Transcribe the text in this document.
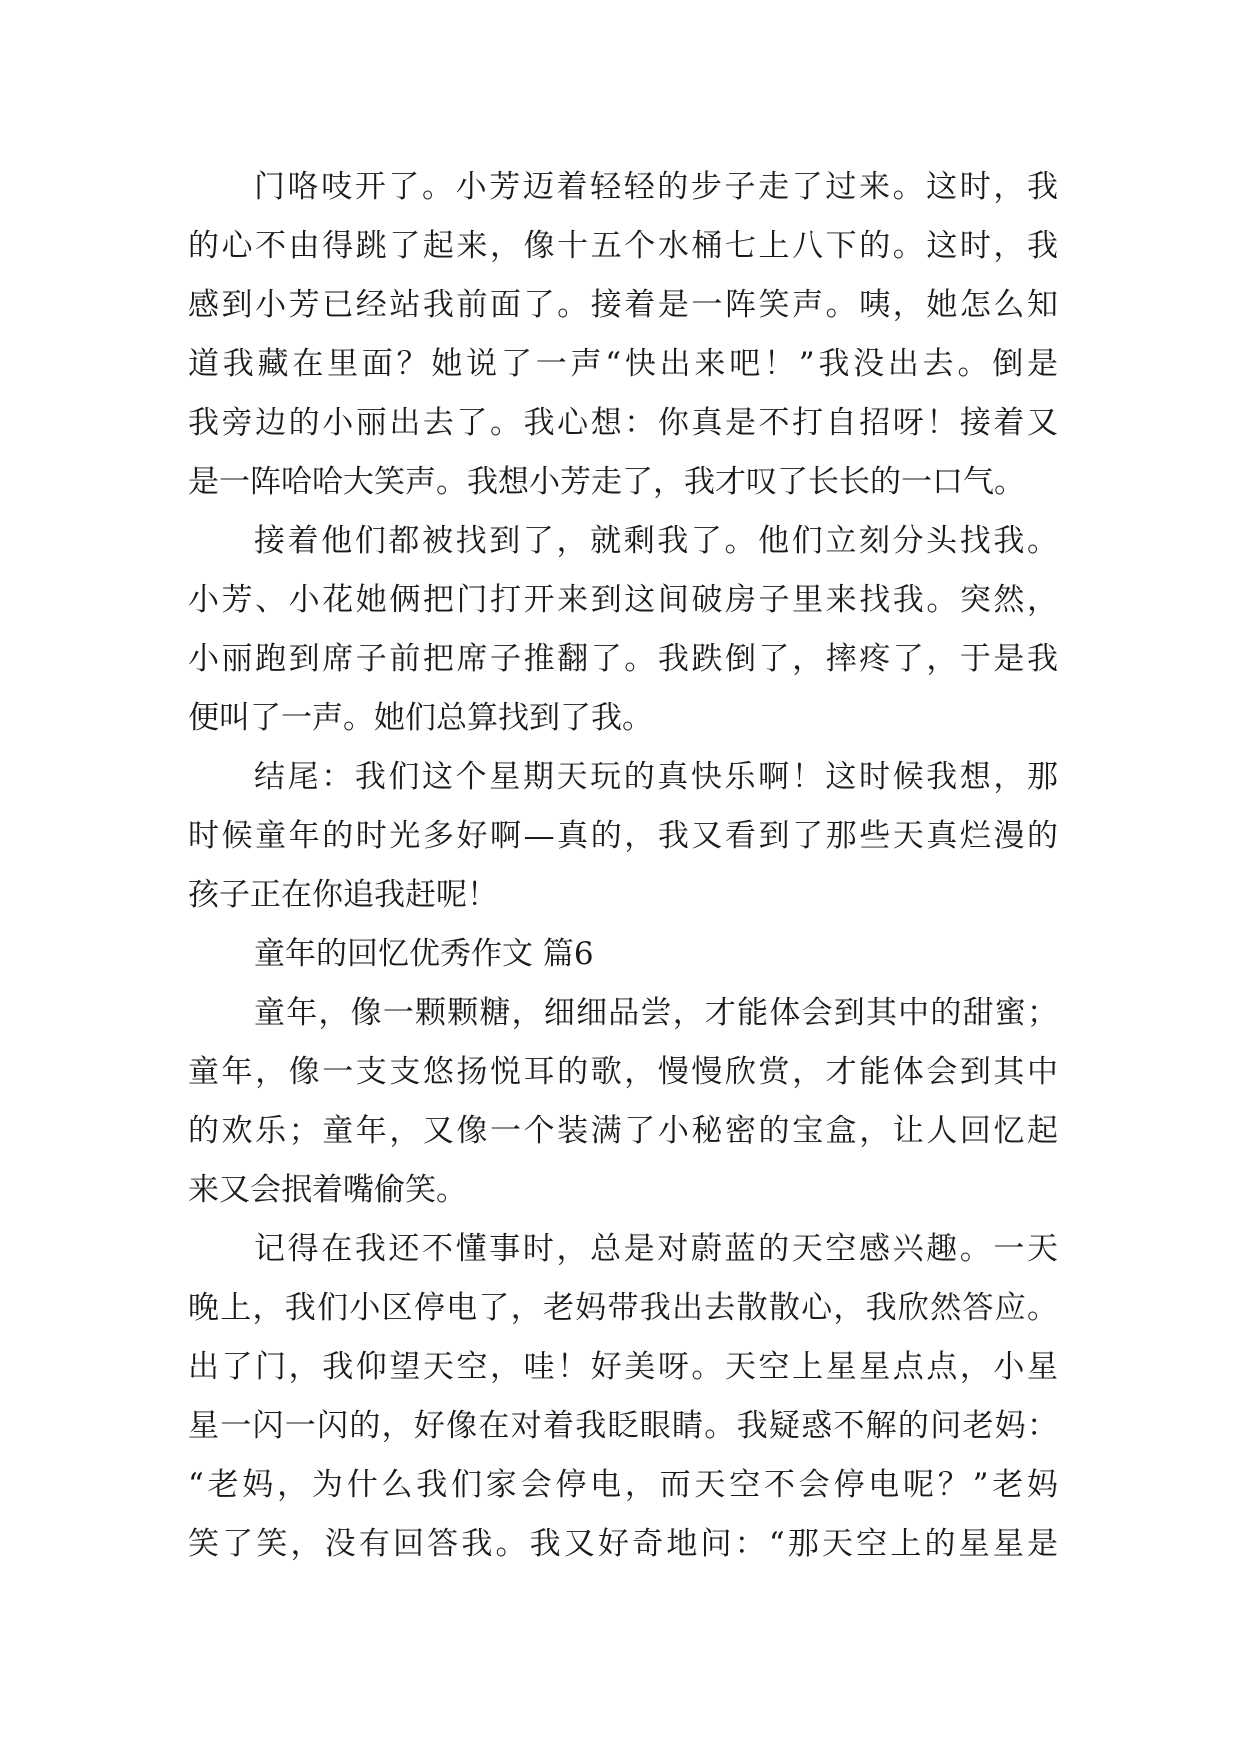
门咯吱开了。小芳迈着轻轻的步子走了过来。这时，我
的心不由得跳了起来，像十五个水桶七上八下的。这时，我
感到小芳已经站我前面了。接着是一阵笑声。咦，她怎么知
道我藏在里面？她说了一声“快出来吧！”我没出去。倒是
我旁边的小丽出去了。我心想：你真是不打自招呀！接着又
是一阵哈哈大笑声。我想小芳走了，我才叹了长长的一口气。
接着他们都被找到了，就剩我了。他们立刻分头找我。
小芳、小花她俩把门打开来到这间破房子里来找我。突然，
小丽跑到席子前把席子推翻了。我跌倒了，摔疼了，于是我
便叫了一声。她们总算找到了我。
结尾：我们这个星期天玩的真快乐啊！这时候我想，那
时候童年的时光多好啊—真的，我又看到了那些天真烂漫的
孩子正在你追我赶呢！
童年的回忆优秀作文 篇6
童年，像一颗颗糖，细细品尝，才能体会到其中的甜蜜；
童年，像一支支悠扬悦耳的歌，慢慢欣赏，才能体会到其中
的欢乐；童年，又像一个装满了小秘密的宝盒，让人回忆起
来又会抿着嘴偷笑。
记得在我还不懂事时，总是对蔚蓝的天空感兴趣。一天
晚上，我们小区停电了，老妈带我出去散散心，我欣然答应。
出了门，我仰望天空，哇！好美呀。天空上星星点点，小星
星一闪一闪的，好像在对着我眨眼睛。我疑惑不解的问老妈：
“老妈，为什么我们家会停电，而天空不会停电呢？”老妈
笑了笑，没有回答我。我又好奇地问：“那天空上的星星是
